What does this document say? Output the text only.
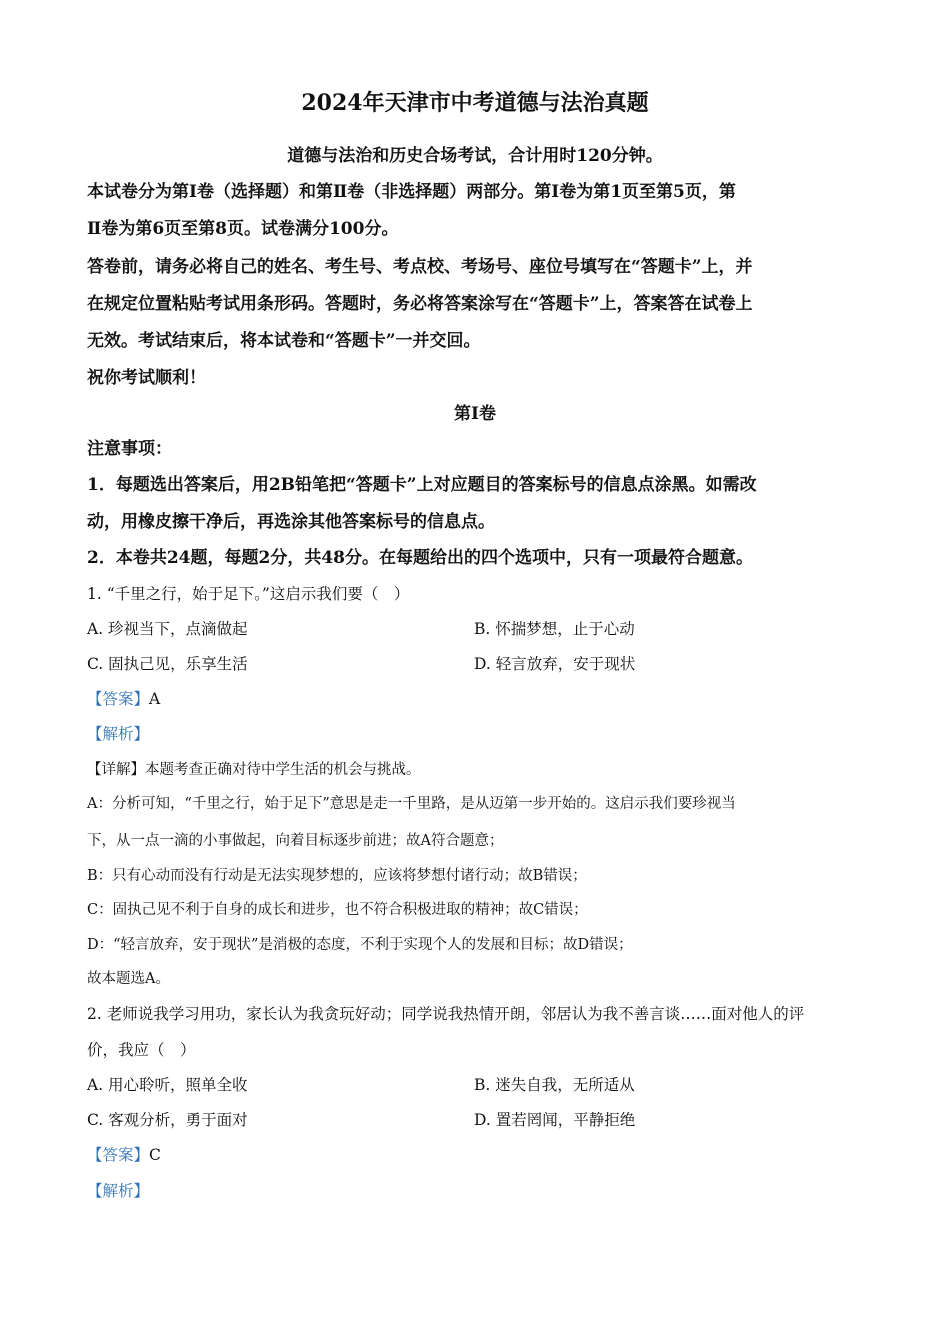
2024年天津市中考道德与法治真题
道德与法治和历史合场考试，合计用时120分钟。
本试卷分为第Ⅰ卷（选择题）和第Ⅱ卷（非选择题）两部分。第Ⅰ卷为第1页至第5页，第
Ⅱ卷为第6页至第8页。试卷满分100分。
答卷前，请务必将自己的姓名、考生号、考点校、考场号、座位号填写在“答题卡”上，并
在规定位置粘贴考试用条形码。答题时，务必将答案涂写在“答题卡”上，答案答在试卷上
无效。考试结束后，将本试卷和“答题卡”一并交回。
祝你考试顺利！
第Ⅰ卷
注意事项：
1．每题选出答案后，用2B铅笔把“答题卡”上对应题目的答案标号的信息点涂黑。如需改
动，用橡皮擦干净后，再选涂其他答案标号的信息点。
2．本卷共24题，每题2分，共48分。在每题给出的四个选项中，只有一项最符合题意。
1. “千里之行，始于足下。”这启示我们要（　）
A. 珍视当下，点滴做起	B. 怀揣梦想，止于心动
C. 固执己见，乐享生活	D. 轻言放弃，安于现状
【答案】A
【解析】
【详解】本题考查正确对待中学生活的机会与挑战。
A：分析可知，“千里之行，始于足下”意思是走一千里路，是从迈第一步开始的。这启示我们要珍视当
下，从一点一滴的小事做起，向着目标逐步前进；故A符合题意；
B：只有心动而没有行动是无法实现梦想的，应该将梦想付诸行动；故B错误；
C：固执己见不利于自身的成长和进步，也不符合积极进取的精神；故C错误；
D：“轻言放弃，安于现状”是消极的态度，不利于实现个人的发展和目标；故D错误；
故本题选A。
2. 老师说我学习用功，家长认为我贪玩好动；同学说我热情开朗，邻居认为我不善言谈……面对他人的评
价，我应（　）
A. 用心聆听，照单全收	B. 迷失自我，无所适从
C. 客观分析，勇于面对	D. 置若罔闻，平静拒绝
【答案】C
【解析】
